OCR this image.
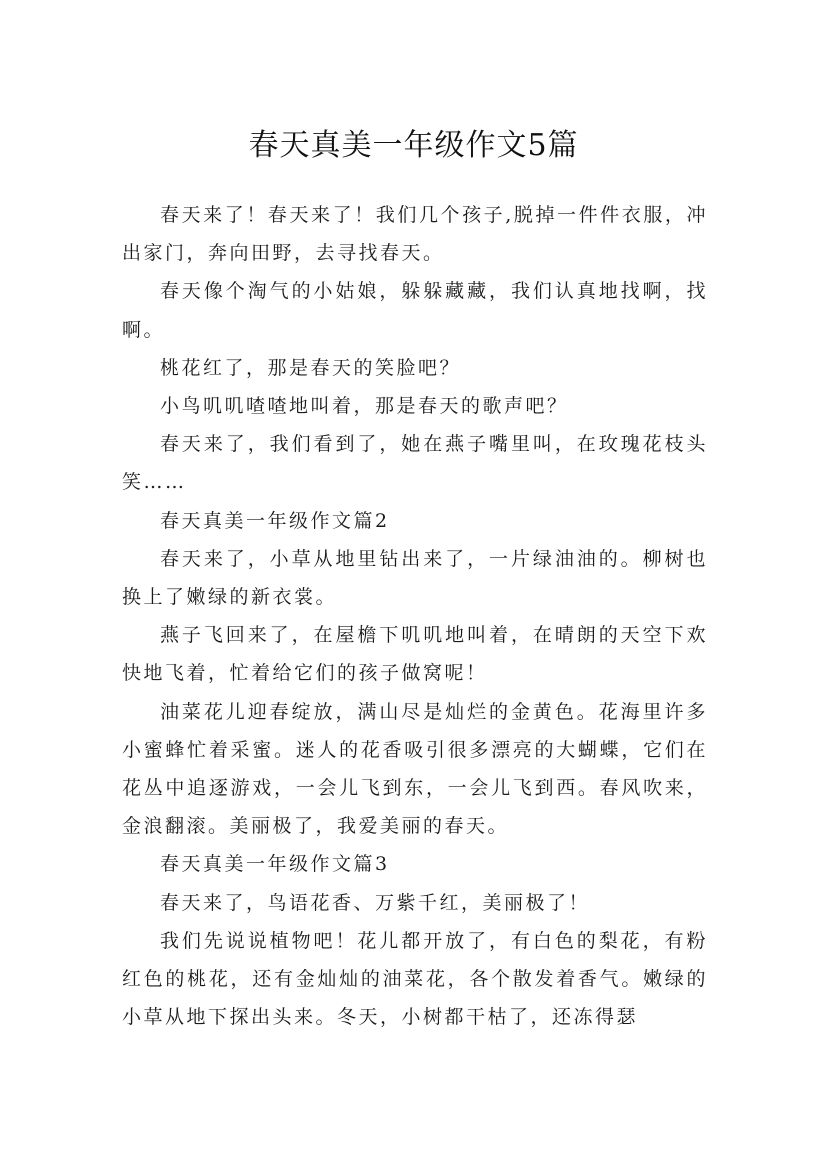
春天真美一年级作文5篇

春天来了！春天来了！我们几个孩子,脱掉一件件衣服，冲出家门，奔向田野，去寻找春天。

春天像个淘气的小姑娘，躲躲藏藏，我们认真地找啊，找啊。

桃花红了，那是春天的笑脸吧？

小鸟叽叽喳喳地叫着，那是春天的歌声吧？

春天来了，我们看到了，她在燕子嘴里叫，在玫瑰花枝头笑……

春天真美一年级作文篇2

春天来了，小草从地里钻出来了，一片绿油油的。柳树也换上了嫩绿的新衣裳。

燕子飞回来了，在屋檐下叽叽地叫着，在晴朗的天空下欢快地飞着，忙着给它们的孩子做窝呢！

油菜花儿迎春绽放，满山尽是灿烂的金黄色。花海里许多小蜜蜂忙着采蜜。迷人的花香吸引很多漂亮的大蝴蝶，它们在花丛中追逐游戏，一会儿飞到东，一会儿飞到西。春风吹来，金浪翻滚。美丽极了，我爱美丽的春天。

春天真美一年级作文篇3

春天来了，鸟语花香、万紫千红，美丽极了！

我们先说说植物吧！花儿都开放了，有白色的梨花，有粉红色的桃花，还有金灿灿的油菜花，各个散发着香气。嫩绿的小草从地下探出头来。冬天，小树都干枯了，还冻得瑟
